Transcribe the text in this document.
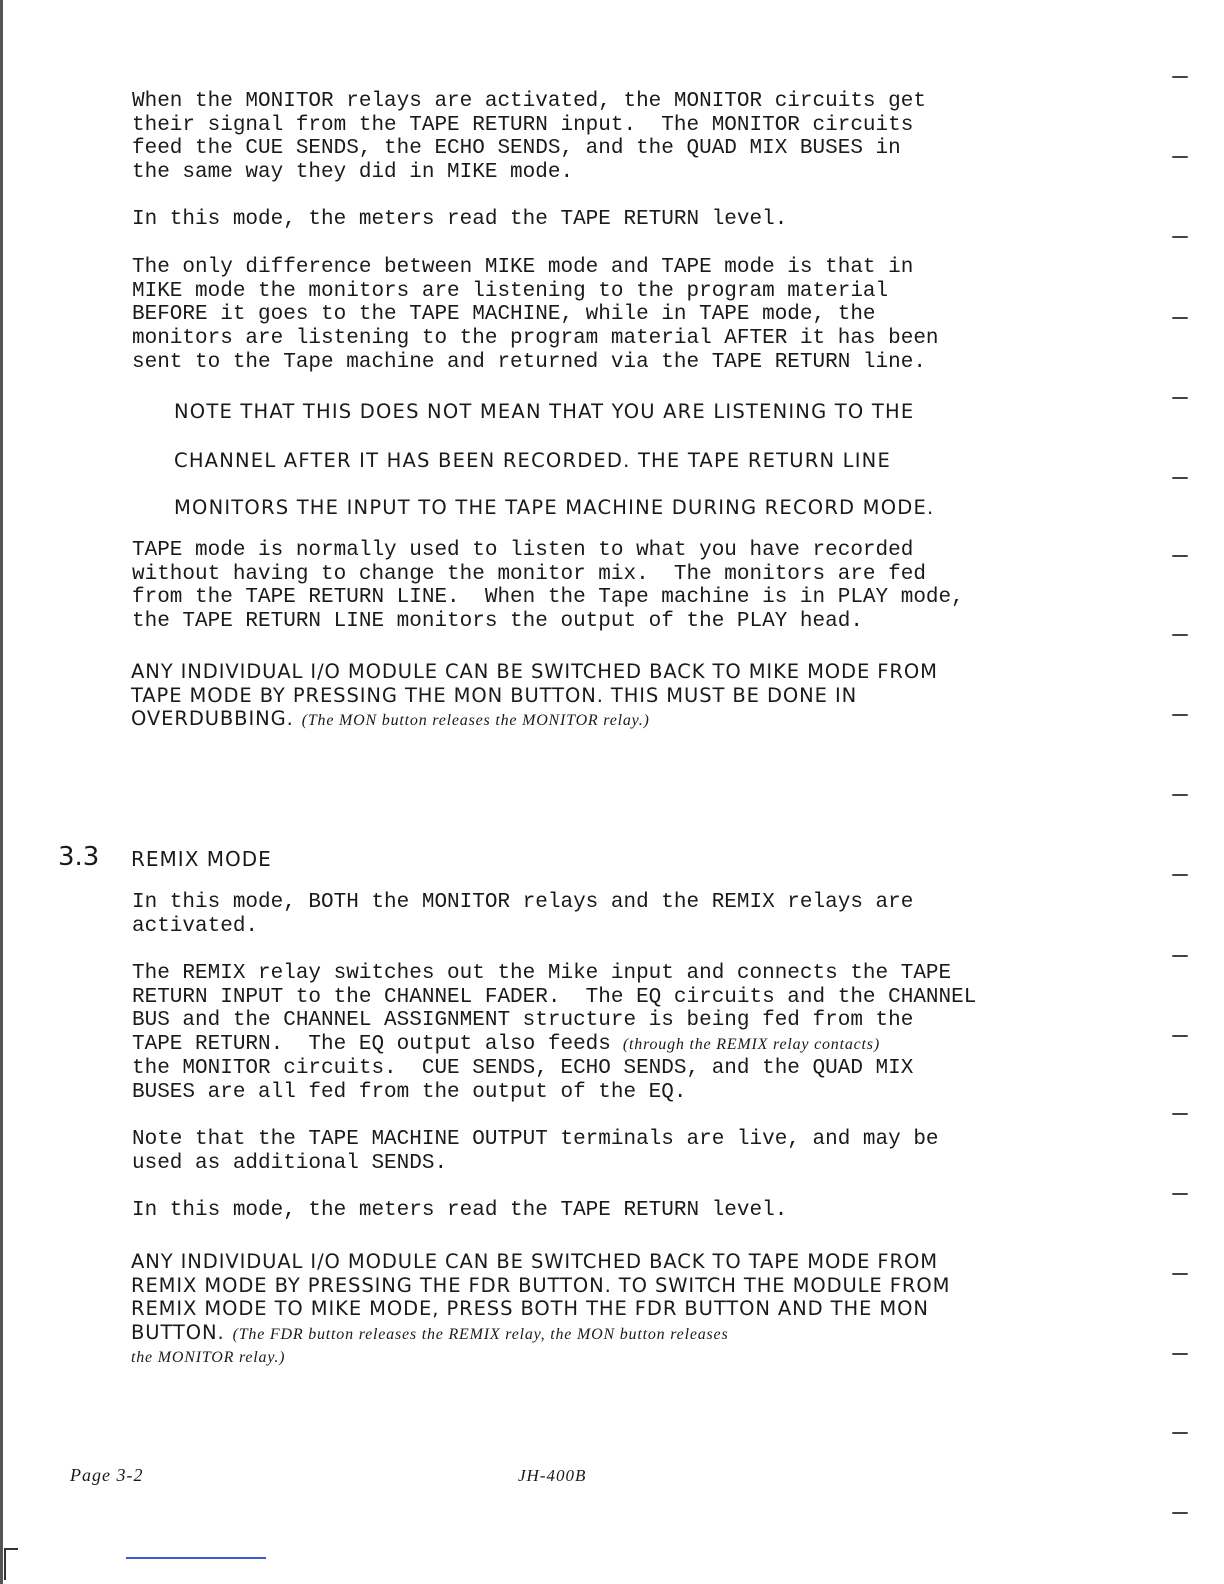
When the MONITOR relays are activated, the MONITOR circuits get
their signal from the TAPE RETURN input.  The MONITOR circuits
feed the CUE SENDS, the ECHO SENDS, and the QUAD MIX BUSES in
the same way they did in MIKE mode.

In this mode, the meters read the TAPE RETURN level.

The only difference between MIKE mode and TAPE mode is that in
MIKE mode the monitors are listening to the program material
BEFORE it goes to the TAPE MACHINE, while in TAPE mode, the
monitors are listening to the program material AFTER it has been
sent to the Tape machine and returned via the TAPE RETURN line.

NOTE THAT THIS DOES NOT MEAN THAT YOU ARE LISTENING TO THE

CHANNEL AFTER IT HAS BEEN RECORDED. THE TAPE RETURN LINE

MONITORS THE INPUT TO THE TAPE MACHINE DURING RECORD MODE.

TAPE mode is normally used to listen to what you have recorded
without having to change the monitor mix.  The monitors are fed
from the TAPE RETURN LINE.  When the Tape machine is in PLAY mode,
the TAPE RETURN LINE monitors the output of the PLAY head.

ANY INDIVIDUAL I/O MODULE CAN BE SWITCHED BACK TO MIKE MODE FROM
TAPE MODE BY PRESSING THE MON BUTTON. THIS MUST BE DONE IN
OVERDUBBING. (The MON button releases the MONITOR relay.)
3.3 REMIX MODE

In this mode, BOTH the MONITOR relays and the REMIX relays are
activated.

The REMIX relay switches out the Mike input and connects the TAPE
RETURN INPUT to the CHANNEL FADER.  The EQ circuits and the CHANNEL
BUS and the CHANNEL ASSIGNMENT structure is being fed from the
TAPE RETURN.  The EQ output also feeds (through the REMIX relay contacts)
the MONITOR circuits.  CUE SENDS, ECHO SENDS, and the QUAD MIX
BUSES are all fed from the output of the EQ.

Note that the TAPE MACHINE OUTPUT terminals are live, and may be
used as additional SENDS.

In this mode, the meters read the TAPE RETURN level.

ANY INDIVIDUAL I/O MODULE CAN BE SWITCHED BACK TO TAPE MODE FROM
REMIX MODE BY PRESSING THE FDR BUTTON. TO SWITCH THE MODULE FROM
REMIX MODE TO MIKE MODE, PRESS BOTH THE FDR BUTTON AND THE MON
BUTTON. (The FDR button releases the REMIX relay, the MON button releases
the MONITOR relay.)
Page 3-2	JH-400B
